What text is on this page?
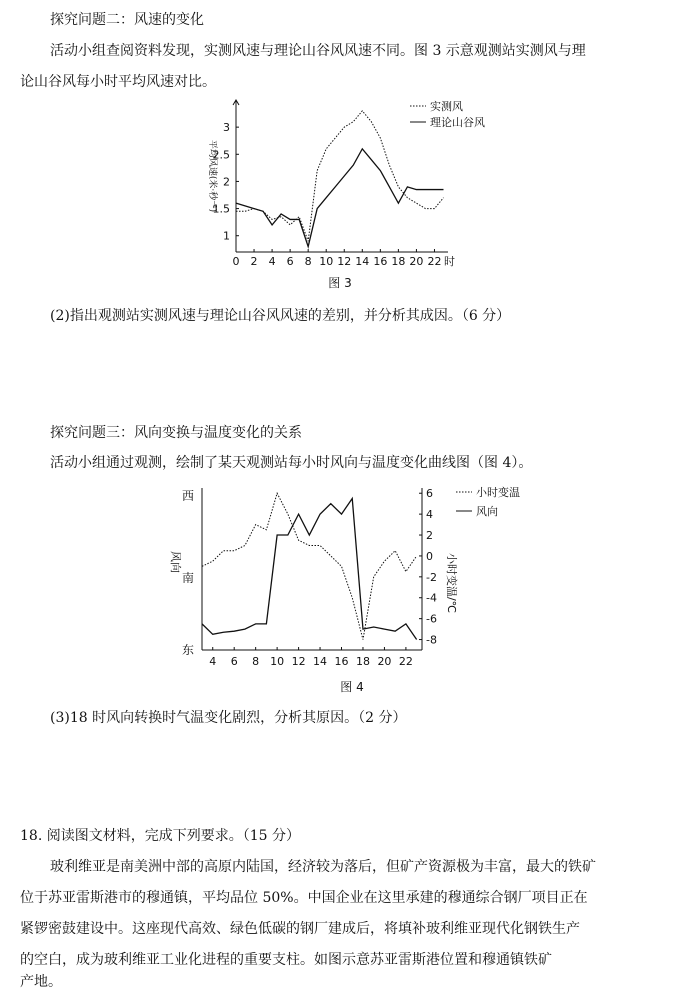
探究问题二：风速的变化
活动小组查阅资料发现，实测风速与理论山谷风风速不同。图 3 示意观测站实测风与理
论山谷风每小时平均风速对比。
0 2 4 6 8 10 12 14 16 18 20 22 时
1
1.5
2
2.5
3
平均风速(米·秒⁻¹)
实测风
理论山谷风
图 3
4 6 8 10 12 14 16 18 20 22
6
4
2
0
-2
-4
-6
-8
西
风向
南
东
小时变温/℃
小时变温
风向
图 4
(2)指出观测站实测风速与理论山谷风风速的差别，并分析其成因。（6 分）
探究问题三：风向变换与温度变化的关系
活动小组通过观测，绘制了某天观测站每小时风向与温度变化曲线图（图 4）。
(3)18 时风向转换时气温变化剧烈，分析其原因。（2 分）
18. 阅读图文材料，完成下列要求。（15 分）
玻利维亚是南美洲中部的高原内陆国，经济较为落后，但矿产资源极为丰富，最大的铁矿
位于苏亚雷斯港市的穆通镇，平均品位 50%。中国企业在这里承建的穆通综合钢厂项目正在
紧锣密鼓建设中。这座现代高效、绿色低碳的钢厂建成后，将填补玻利维亚现代化钢铁生产
的空白，成为玻利维亚工业化进程的重要支柱。如图示意苏亚雷斯港位置和穆通镇铁矿
产地。
